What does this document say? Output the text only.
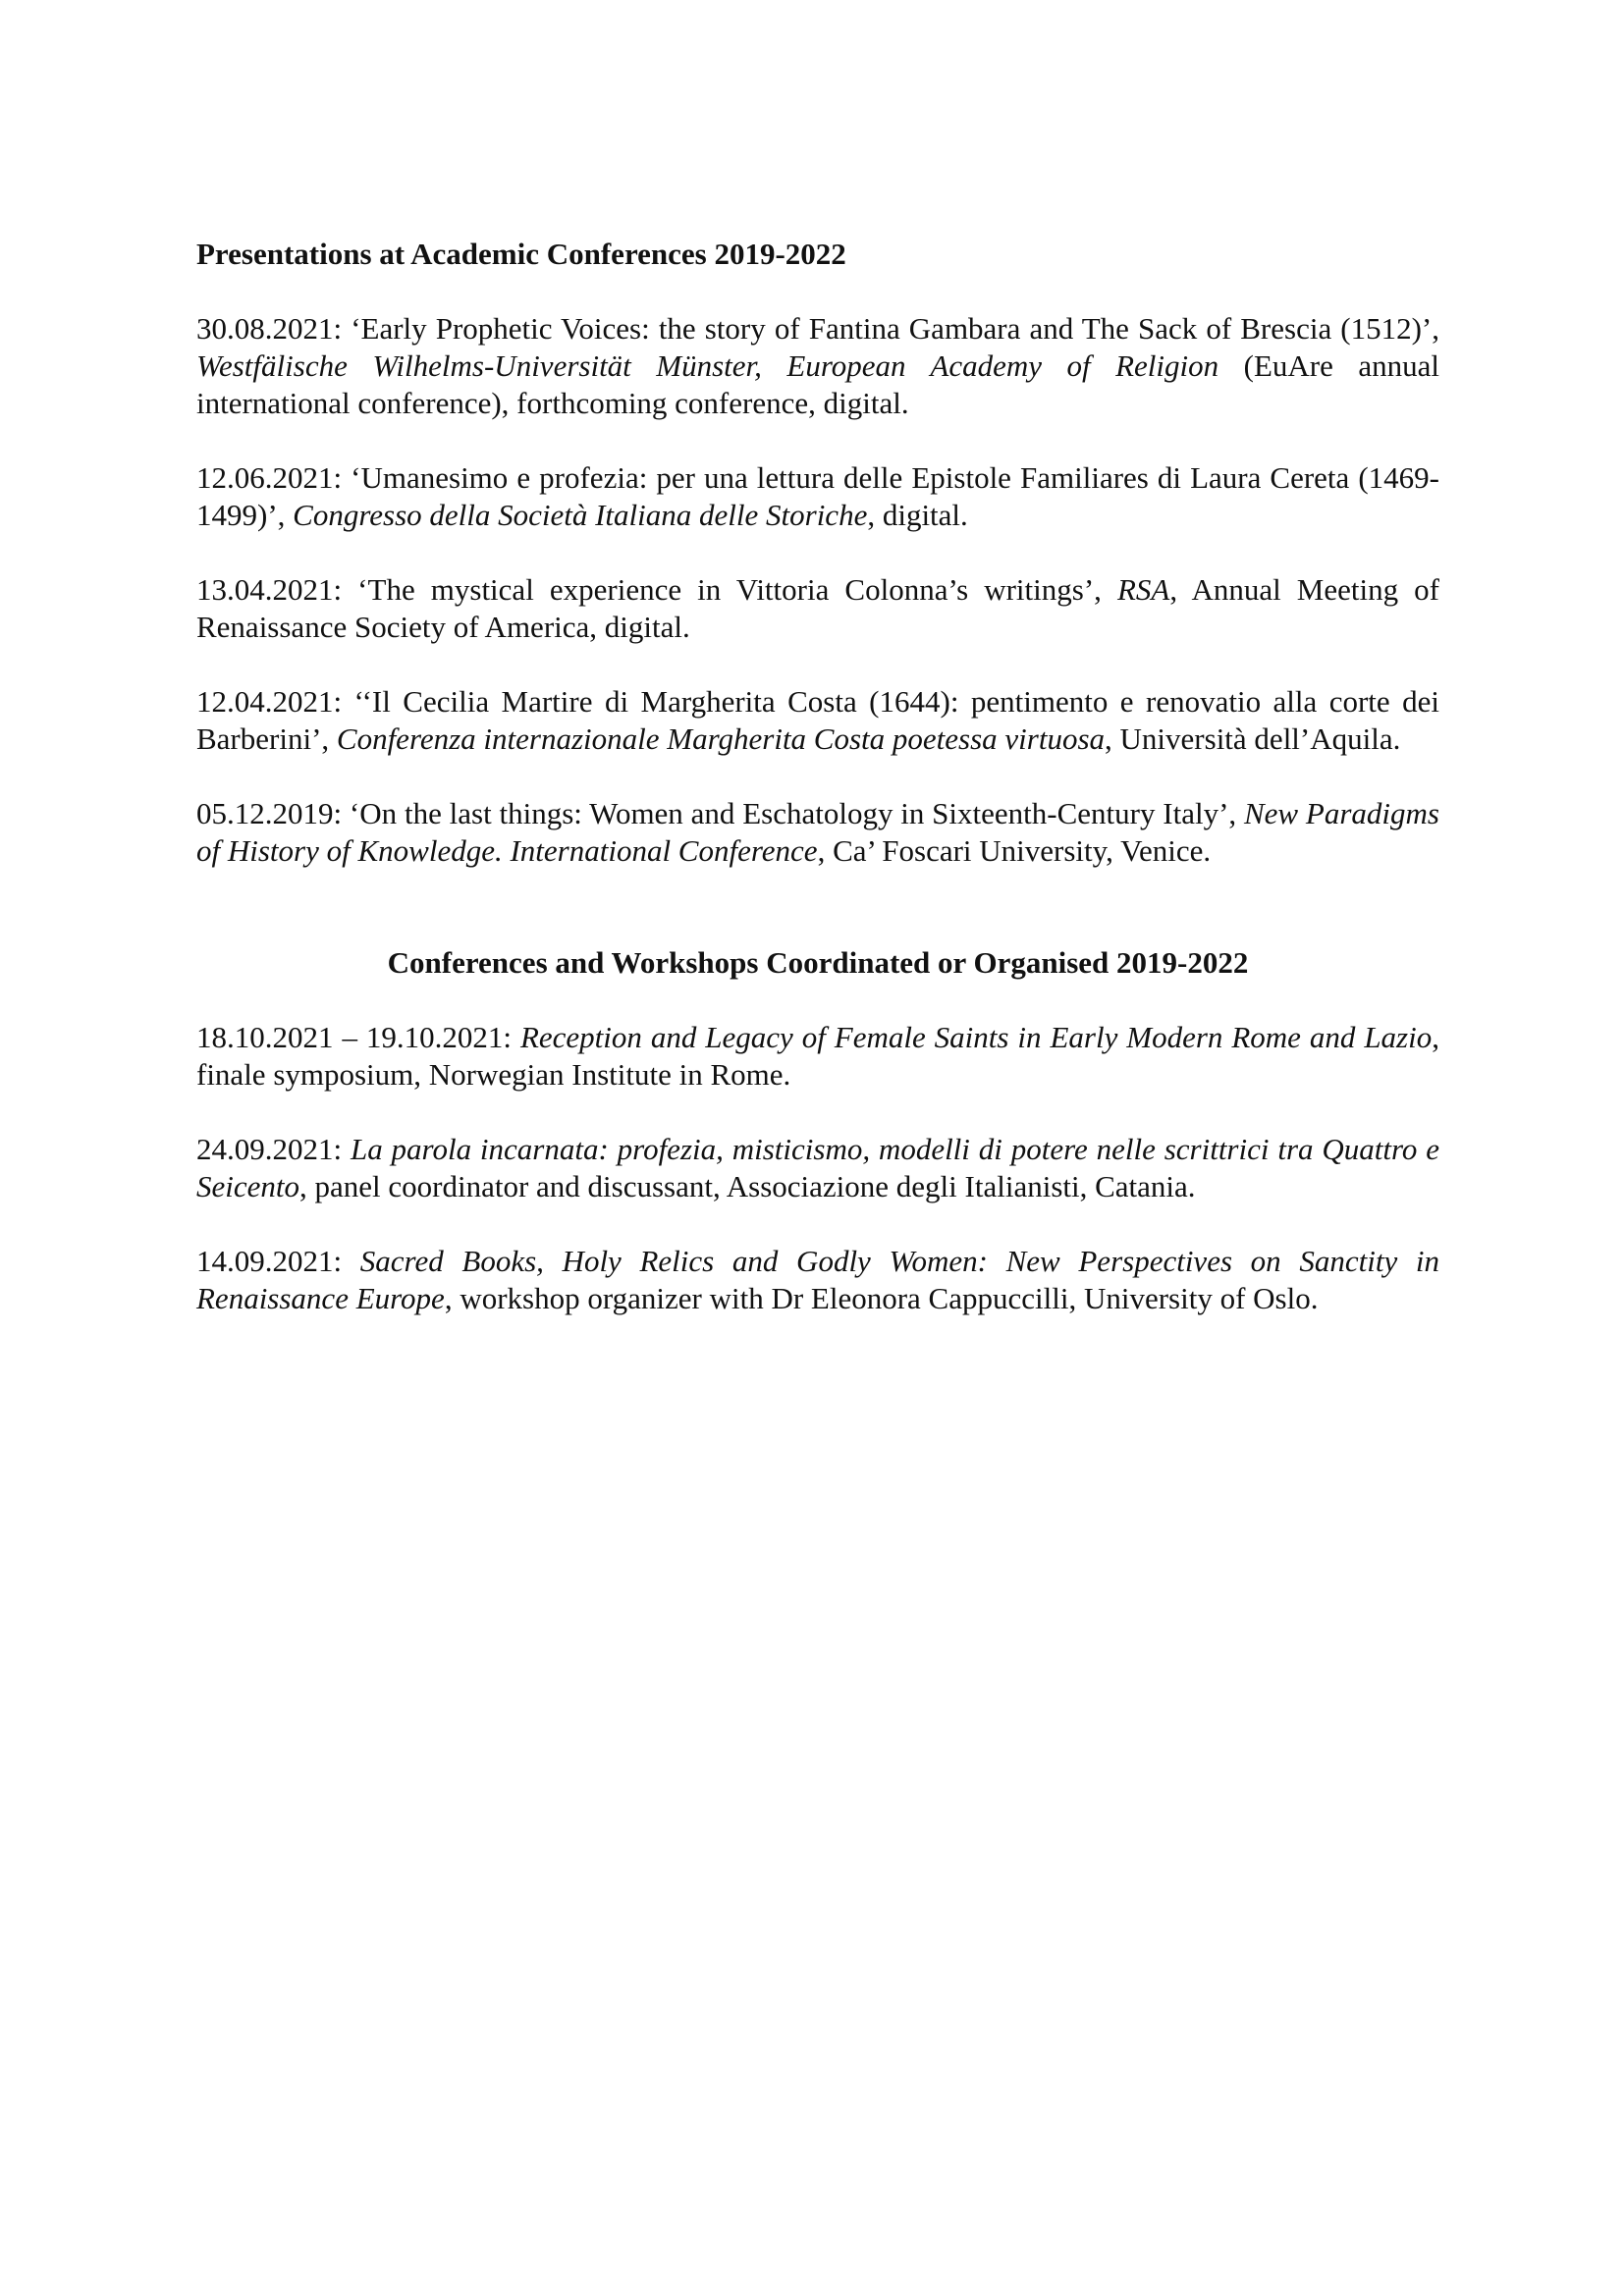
Presentations at Academic Conferences 2019-2022

30.08.2021: ‘Early Prophetic Voices: the story of Fantina Gambara and The Sack of Brescia (1512)’, Westfälische Wilhelms-Universität Münster, European Academy of Religion (EuAre annual international conference), forthcoming conference, digital.

12.06.2021: ‘Umanesimo e profezia: per una lettura delle Epistole Familiares di Laura Cereta (1469-1499)’, Congresso della Società Italiana delle Storiche, digital.

13.04.2021: ‘The mystical experience in Vittoria Colonna’s writings’, RSA, Annual Meeting of Renaissance Society of America, digital.

12.04.2021: ‘‘Il Cecilia Martire di Margherita Costa (1644): pentimento e renovatio alla corte dei Barberini’, Conferenza internazionale Margherita Costa poetessa virtuosa, Università dell’Aquila.

05.12.2019: ‘On the last things: Women and Eschatology in Sixteenth-Century Italy’, New Paradigms of History of Knowledge. International Conference, Ca’ Foscari University, Venice.

Conferences and Workshops Coordinated or Organised 2019-2022

18.10.2021 – 19.10.2021: Reception and Legacy of Female Saints in Early Modern Rome and Lazio, finale symposium, Norwegian Institute in Rome.

24.09.2021: La parola incarnata: profezia, misticismo, modelli di potere nelle scrittrici tra Quattro e Seicento, panel coordinator and discussant, Associazione degli Italianisti, Catania.

14.09.2021: Sacred Books, Holy Relics and Godly Women: New Perspectives on Sanctity in Renaissance Europe, workshop organizer with Dr Eleonora Cappuccilli, University of Oslo.
